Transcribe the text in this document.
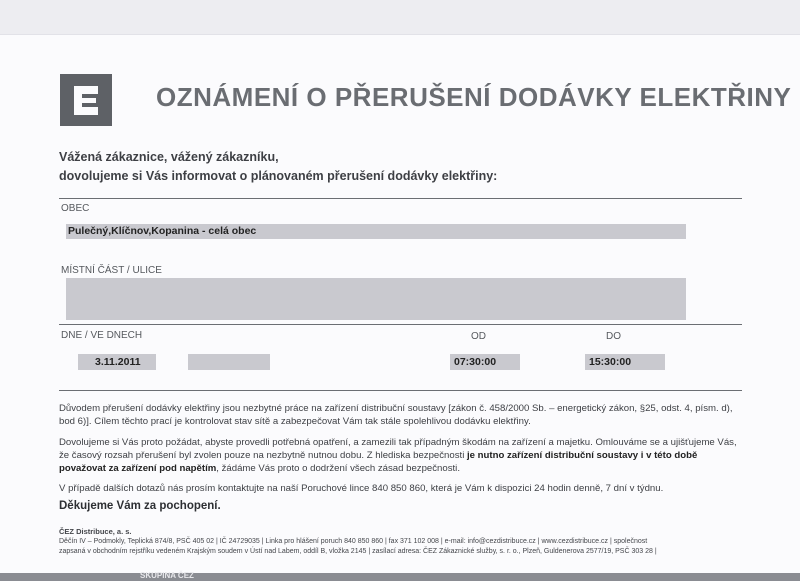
OZNÁMENÍ O PŘERUŠENÍ DODÁVKY ELEKTŘINY
Vážená zákaznice, vážený zákazníku,
dovolujeme si Vás informovat o plánovaném přerušení dodávky elektřiny:
OBEC
Pulečný,Klíčnov,Kopanina - celá obec
MÍSTNÍ ČÁST / ULICE
DNE / VE DNECH	OD	DO
3.11.2011	07:30:00	15:30:00
Důvodem přerušení dodávky elektřiny jsou nezbytné práce na zařízení distribuční soustavy [zákon č. 458/2000 Sb. – energetický zákon, §25, odst. 4, písm. d), bod 6)]. Cílem těchto prací je kontrolovat stav sítě a zabezpečovat Vám tak stále spolehlivou dodávku elektřiny.
Dovolujeme si Vás proto požádat, abyste provedli potřebná opatření, a zamezili tak případným škodám na zařízení a majetku. Omlouváme se a ujišťujeme Vás, že časový rozsah přerušení byl zvolen pouze na nezbytně nutnou dobu. Z hlediska bezpečnosti je nutno zařízení distribuční soustavy i v této době považovat za zařízení pod napětím, žádáme Vás proto o dodržení všech zásad bezpečnosti.
V případě dalších dotazů nás prosím kontaktujte na naší Poruchové lince 840 850 860, která je Vám k dispozici 24 hodin denně, 7 dní v týdnu.
Děkujeme Vám za pochopení.
ČEZ Distribuce, a. s.
Děčín IV – Podmokly, Teplická 874/8, PSČ 405 02 | IČ 24729035 | Linka pro hlášení poruch 840 850 860 | fax 371 102 008 | e-mail: info@cezdistribuce.cz | www.cezdistribuce.cz | společnost
zapsaná v obchodním rejstříku vedeném Krajským soudem v Ústí nad Labem, oddíl B, vložka 2145 | zasílací adresa: ČEZ Zákaznické služby, s. r. o., Plzeň, Guldenerova 2577/19, PSČ 303 28 |
SKUPINA ČEZ
